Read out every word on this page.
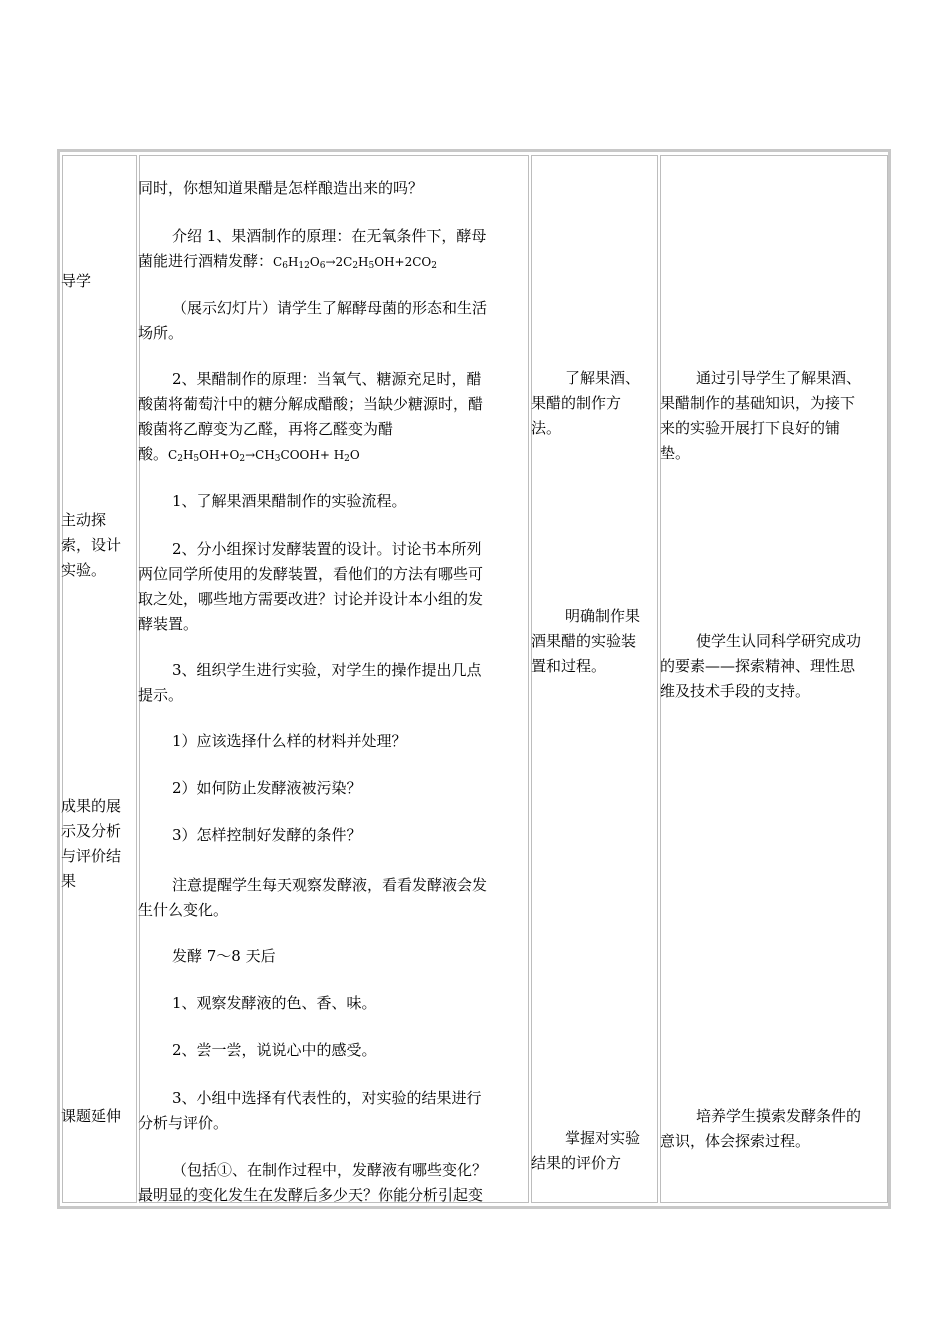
导学
主动探
索，设计
实验。
成果的展
示及分析
与评价结
果
课题延伸
同时，你想知道果醋是怎样酿造出来的吗？
介绍 1、果酒制作的原理：在无氧条件下，酵母
菌能进行酒精发酵：$C_6H_{12}O_6\to 2C_2H_5OH+2CO_2$
（展示幻灯片）请学生了解酵母菌的形态和生活
场所。
2、果醋制作的原理：当氧气、糖源充足时，醋
酸菌将葡萄汁中的糖分解成醋酸；当缺少糖源时，醋
酸菌将乙醇变为乙醛，再将乙醛变为醋
酸。$C_2H_5OH+O_2\to CH_3COOH+ H_2O$
1、了解果酒果醋制作的实验流程。
2、分小组探讨发酵装置的设计。讨论书本所列
两位同学所使用的发酵装置，看他们的方法有哪些可
取之处，哪些地方需要改进？讨论并设计本小组的发
酵装置。
3、组织学生进行实验，对学生的操作提出几点
提示。
1）应该选择什么样的材料并处理？
2）如何防止发酵液被污染？
3）怎样控制好发酵的条件？
注意提醒学生每天观察发酵液，看看发酵液会发
生什么变化。
发酵 7～8 天后
1、观察发酵液的色、香、味。
2、尝一尝，说说心中的感受。
3、小组中选择有代表性的，对实验的结果进行
分析与评价。
（包括①、在制作过程中，发酵液有哪些变化？
最明显的变化发生在发酵后多少天？你能分析引起变
了解果酒、
果醋的制作方
法。
明确制作果
酒果醋的实验装
置和过程。
掌握对实验
结果的评价方
通过引导学生了解果酒、
果醋制作的基础知识，为接下
来的实验开展打下良好的铺
垫。
使学生认同科学研究成功
的要素——探索精神、理性思
维及技术手段的支持。
培养学生摸索发酵条件的
意识，体会探索过程。
